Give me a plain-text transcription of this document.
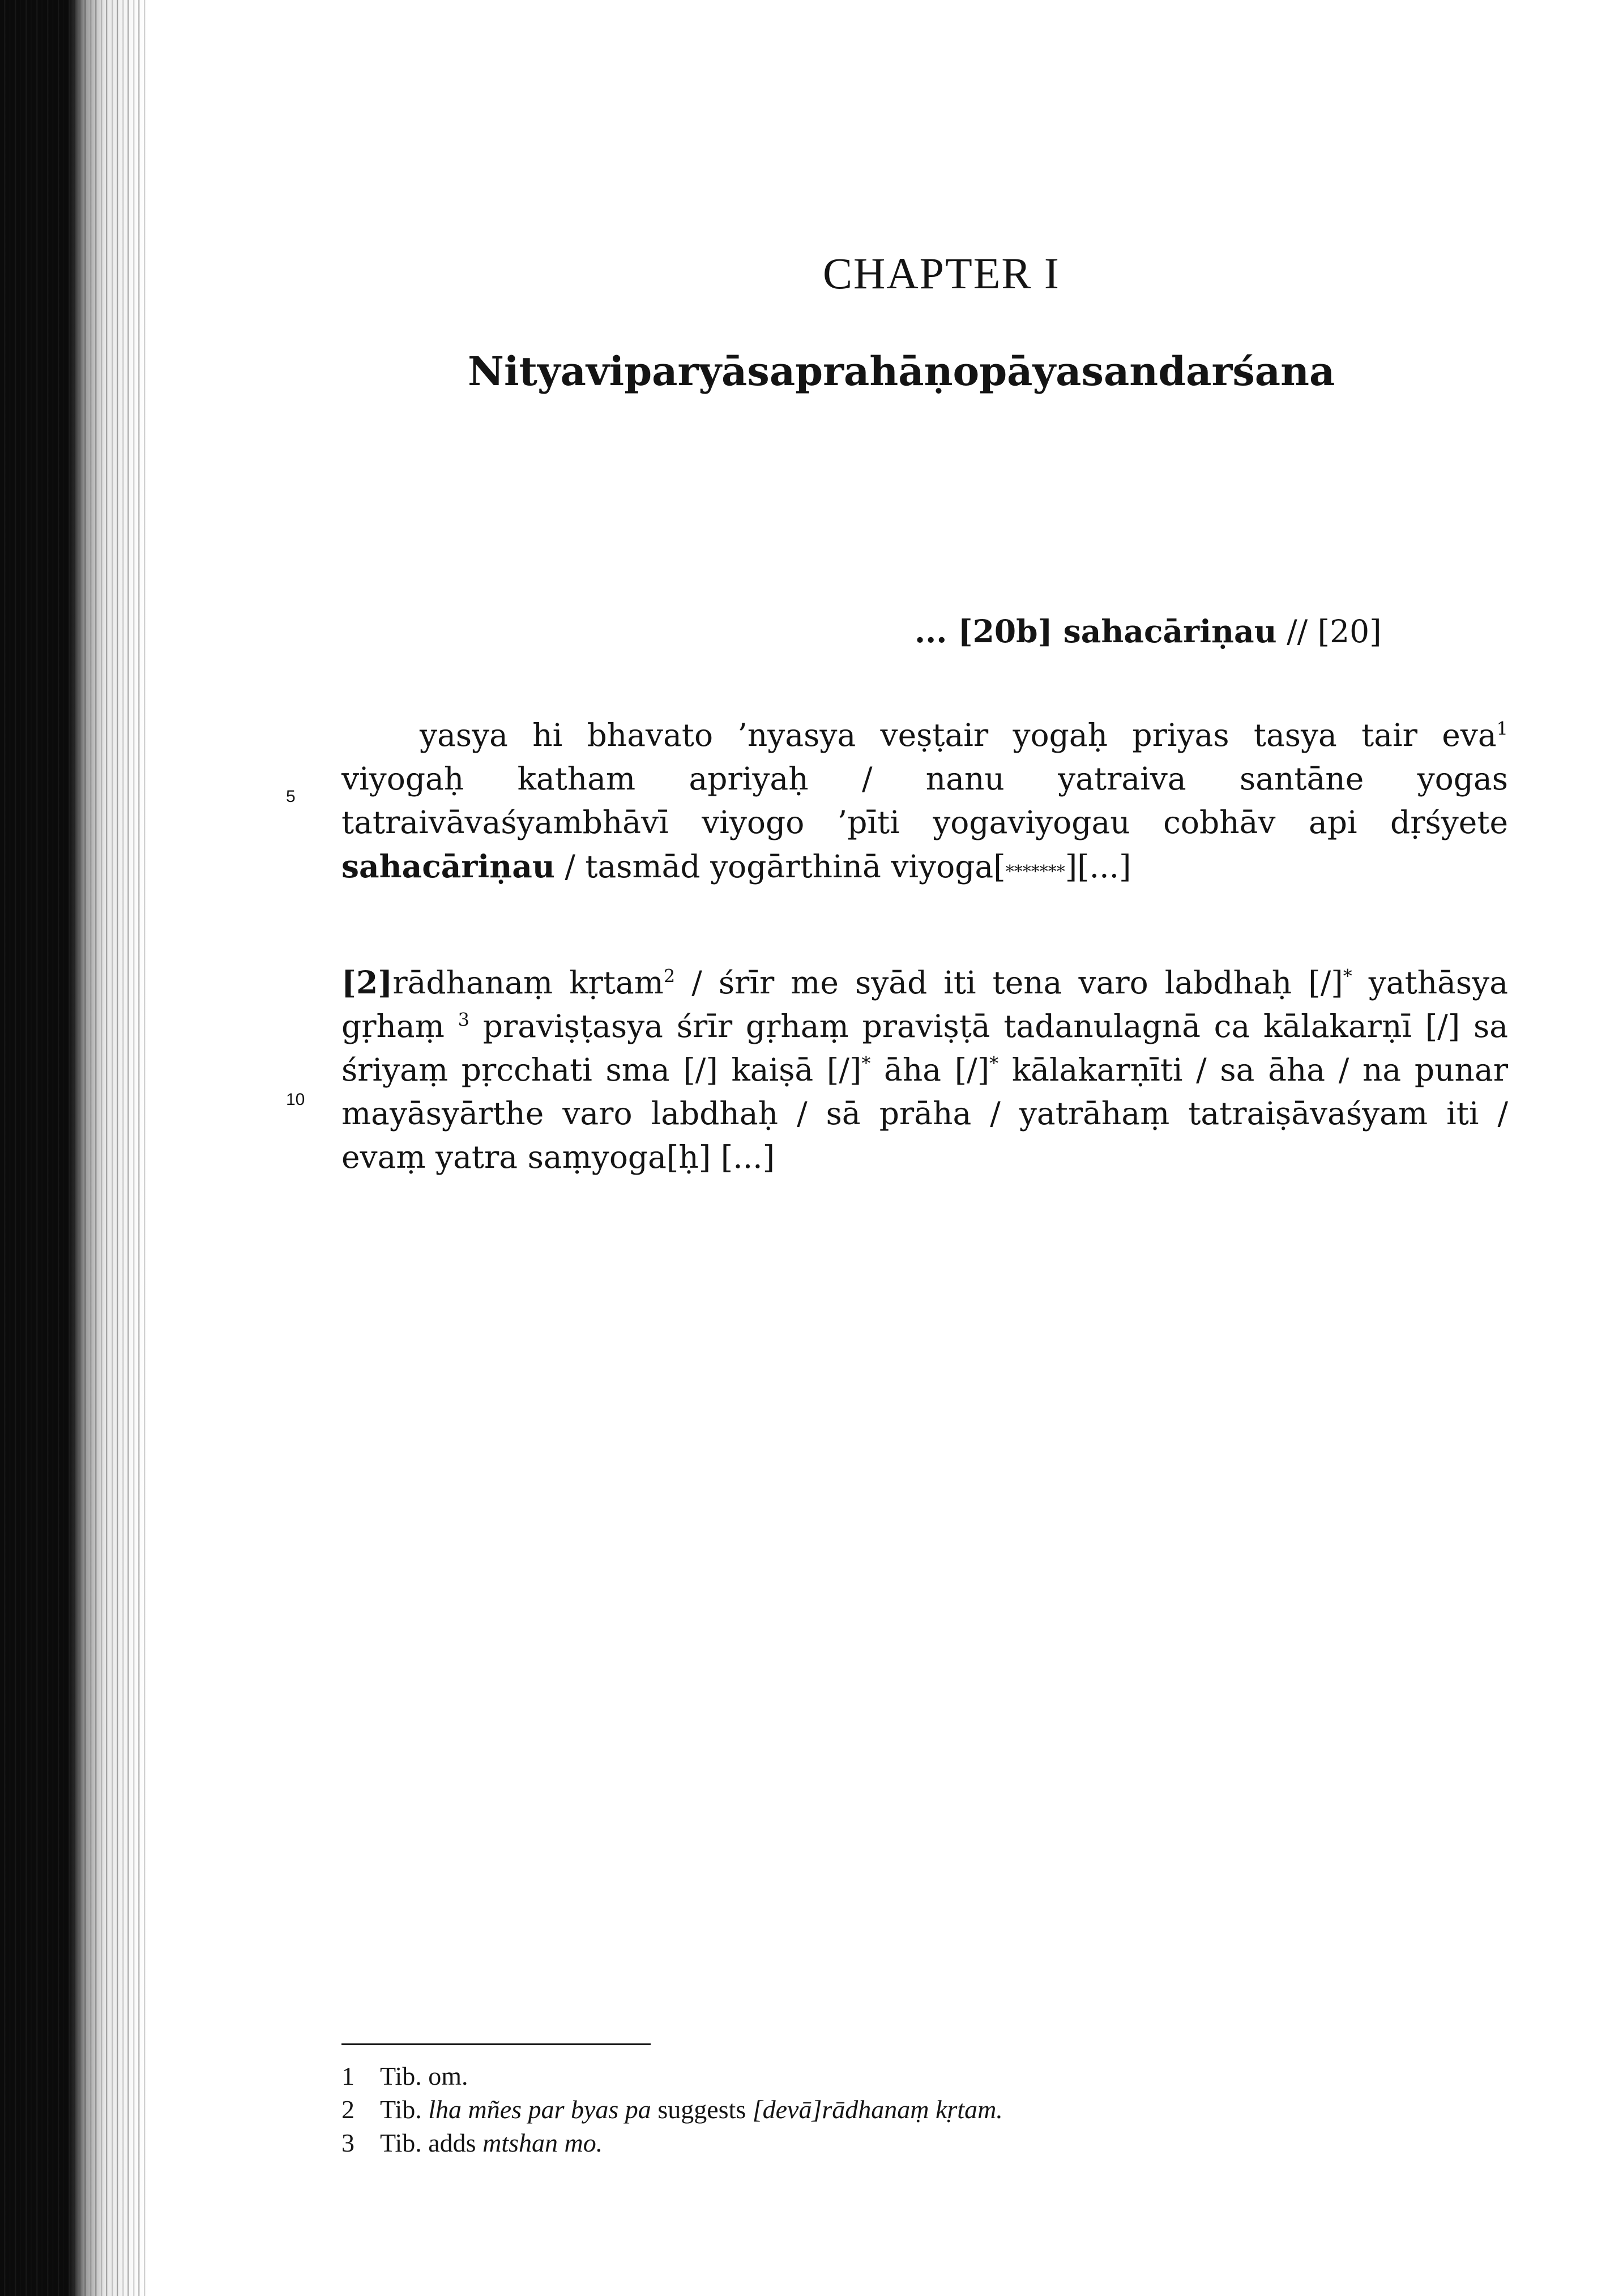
CHAPTER I
Nityaviparyāsaprahāṇopāyasandarśana
... [20b] sahacāriṇau // [20]
5
10
yasya hi bhavato ’nyasya veṣṭair yogaḥ priyas tasya tair eva$^1$ viyogaḥ katham apriyaḥ / nanu yatraiva santāne yogas tatraivāvaśyambhāvī viyogo ’pīti yogaviyogau cobhāv api dṛśyete sahacāriṇau / tasmād yogārthinā viyoga[*******][...]
[2]rādhanaṃ kṛtam$^2$ / śrīr me syād iti tena varo labdhaḥ [/]* yathāsya gṛhaṃ $^3$ praviṣṭasya śrīr gṛhaṃ praviṣṭā tadanulagnā ca kālakarṇī [/] sa śriyaṃ pṛcchati sma [/] kaiṣā [/]* āha [/]* kālakarṇīti / sa āha / na punar mayāsyārthe varo labdhaḥ / sā prāha / yatrāhaṃ tatraiṣāvaśyam iti / evaṃ yatra saṃyoga[ḥ] [...]
1 Tib. om.
2 Tib. lha mñes par byas pa suggests [devā]rādhanaṃ kṛtam.
3 Tib. adds mtshan mo.
